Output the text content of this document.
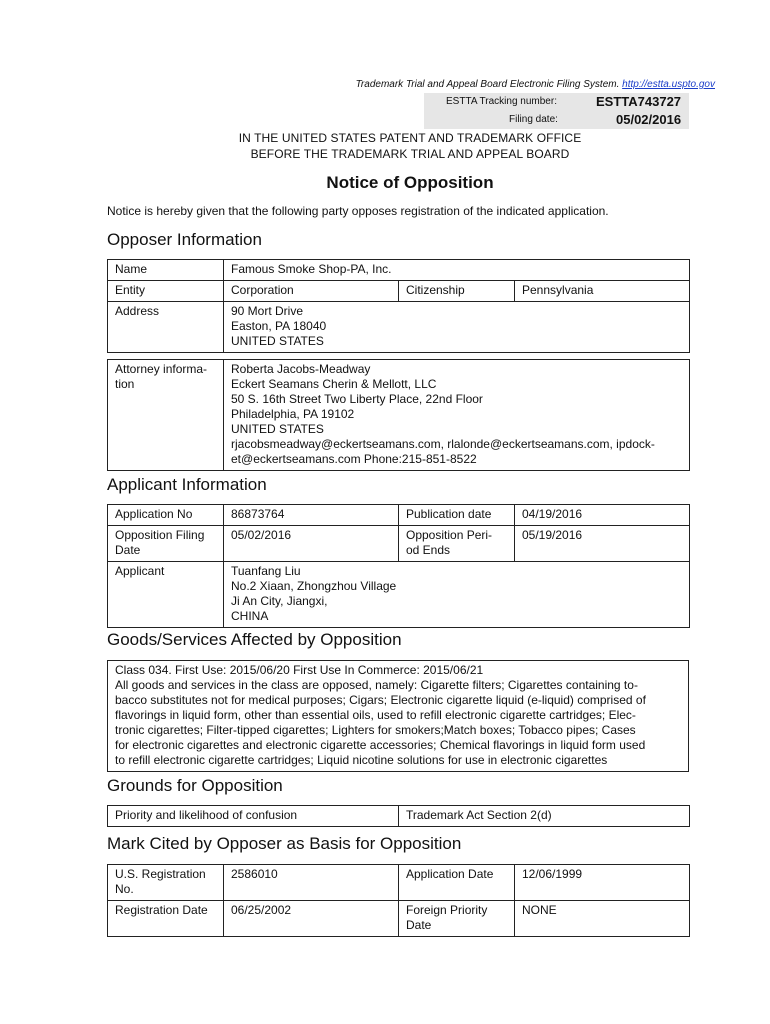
Trademark Trial and Appeal Board Electronic Filing System. http://estta.uspto.gov
ESTTA Tracking number:	ESTTA743727
Filing date:	05/02/2016
IN THE UNITED STATES PATENT AND TRADEMARK OFFICE
BEFORE THE TRADEMARK TRIAL AND APPEAL BOARD
Notice of Opposition
Notice is hereby given that the following party opposes registration of the indicated application.
Opposer Information
Name	Famous Smoke Shop-PA, Inc.		
Entity	Corporation	Citizenship	Pennsylvania
Address	90 Mort Drive
Easton, PA 18040
UNITED STATES		
Attorney informa-
tion	Roberta Jacobs-Meadway
Eckert Seamans Cherin & Mellott, LLC
50 S. 16th Street Two Liberty Place, 22nd Floor
Philadelphia, PA 19102
UNITED STATES
rjacobsmeadway@eckertseamans.com, rlalonde@eckertseamans.com, ipdock-
et@eckertseamans.com Phone:215-851-8522
Applicant Information
Application No	86873764	Publication date	04/19/2016
Opposition Filing
Date	05/02/2016	Opposition Peri-
od Ends	05/19/2016
Applicant	Tuanfang Liu
No.2 Xiaan, Zhongzhou Village
Ji An City, Jiangxi,
CHINA		
Goods/Services Affected by Opposition
Class 034. First Use: 2015/06/20 First Use In Commerce: 2015/06/21
All goods and services in the class are opposed, namely: Cigarette filters; Cigarettes containing to-
bacco substitutes not for medical purposes; Cigars; Electronic cigarette liquid (e-liquid) comprised of
flavorings in liquid form, other than essential oils, used to refill electronic cigarette cartridges; Elec-
tronic cigarettes; Filter-tipped cigarettes; Lighters for smokers;Match boxes; Tobacco pipes; Cases
for electronic cigarettes and electronic cigarette accessories; Chemical flavorings in liquid form used
to refill electronic cigarette cartridges; Liquid nicotine solutions for use in electronic cigarettes
Grounds for Opposition
Priority and likelihood of confusion	Trademark Act Section 2(d)
Mark Cited by Opposer as Basis for Opposition
U.S. Registration
No.	2586010	Application Date	12/06/1999
Registration Date	06/25/2002	Foreign Priority
Date	NONE
